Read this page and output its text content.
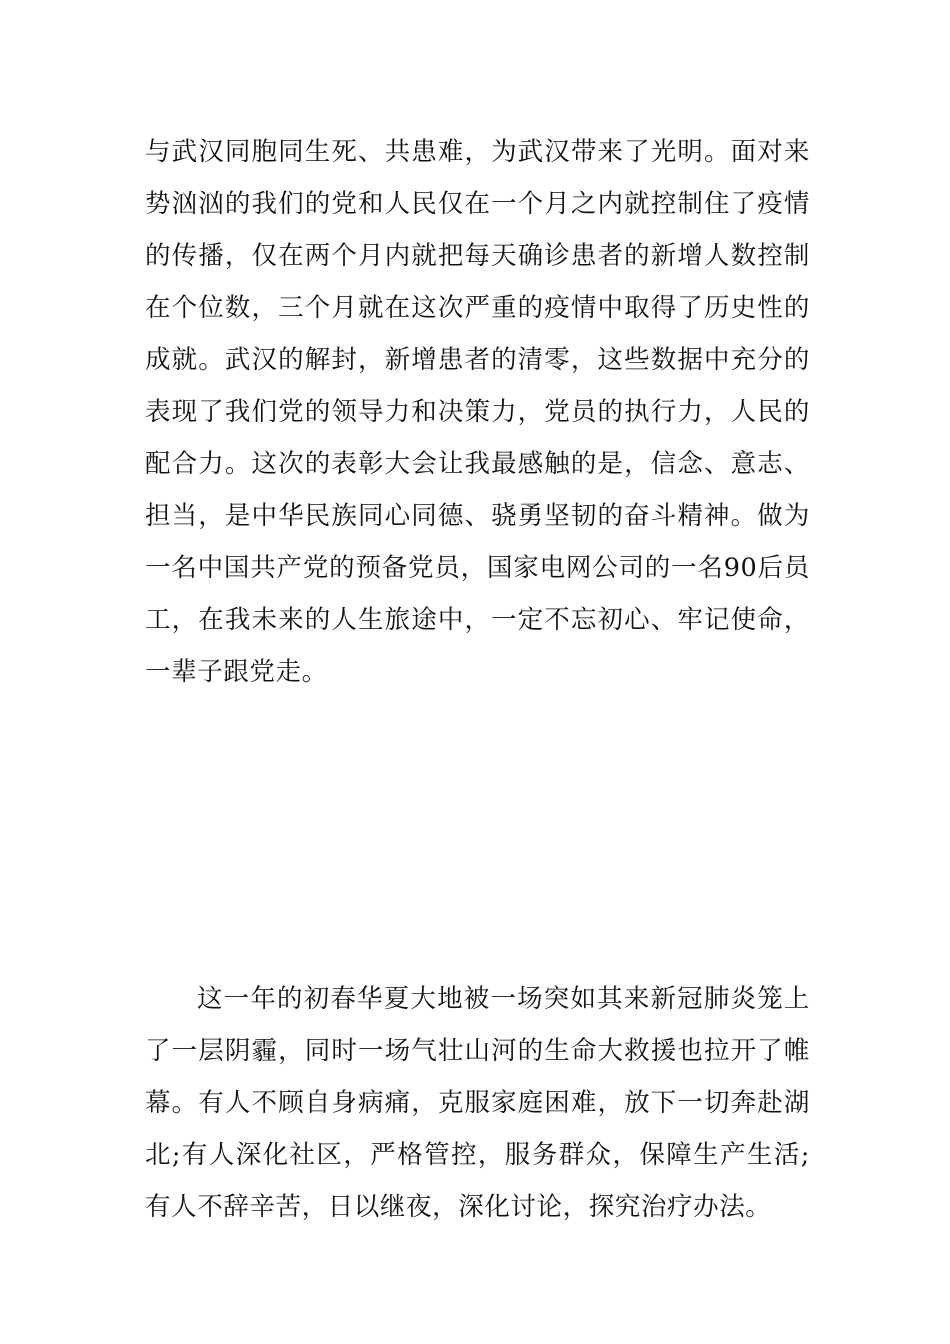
与武汉同胞同生死、共患难，为武汉带来了光明。面对来势汹汹的我们的党和人民仅在一个月之内就控制住了疫情的传播，仅在两个月内就把每天确诊患者的新增人数控制在个位数，三个月就在这次严重的疫情中取得了历史性的成就。武汉的解封，新增患者的清零，这些数据中充分的表现了我们党的领导力和决策力，党员的执行力，人民的配合力。这次的表彰大会让我最感触的是，信念、意志、担当，是中华民族同心同德、骁勇坚韧的奋斗精神。做为一名中国共产党的预备党员，国家电网公司的一名90后员工，在我未来的人生旅途中，一定不忘初心、牢记使命，一辈子跟党走。

这一年的初春华夏大地被一场突如其来新冠肺炎笼上了一层阴霾，同时一场气壮山河的生命大救援也拉开了帷幕。有人不顾自身病痛，克服家庭困难，放下一切奔赴湖北;有人深化社区，严格管控，服务群众，保障生产生活;有人不辞辛苦，日以继夜，深化讨论，探究治疗办法。
